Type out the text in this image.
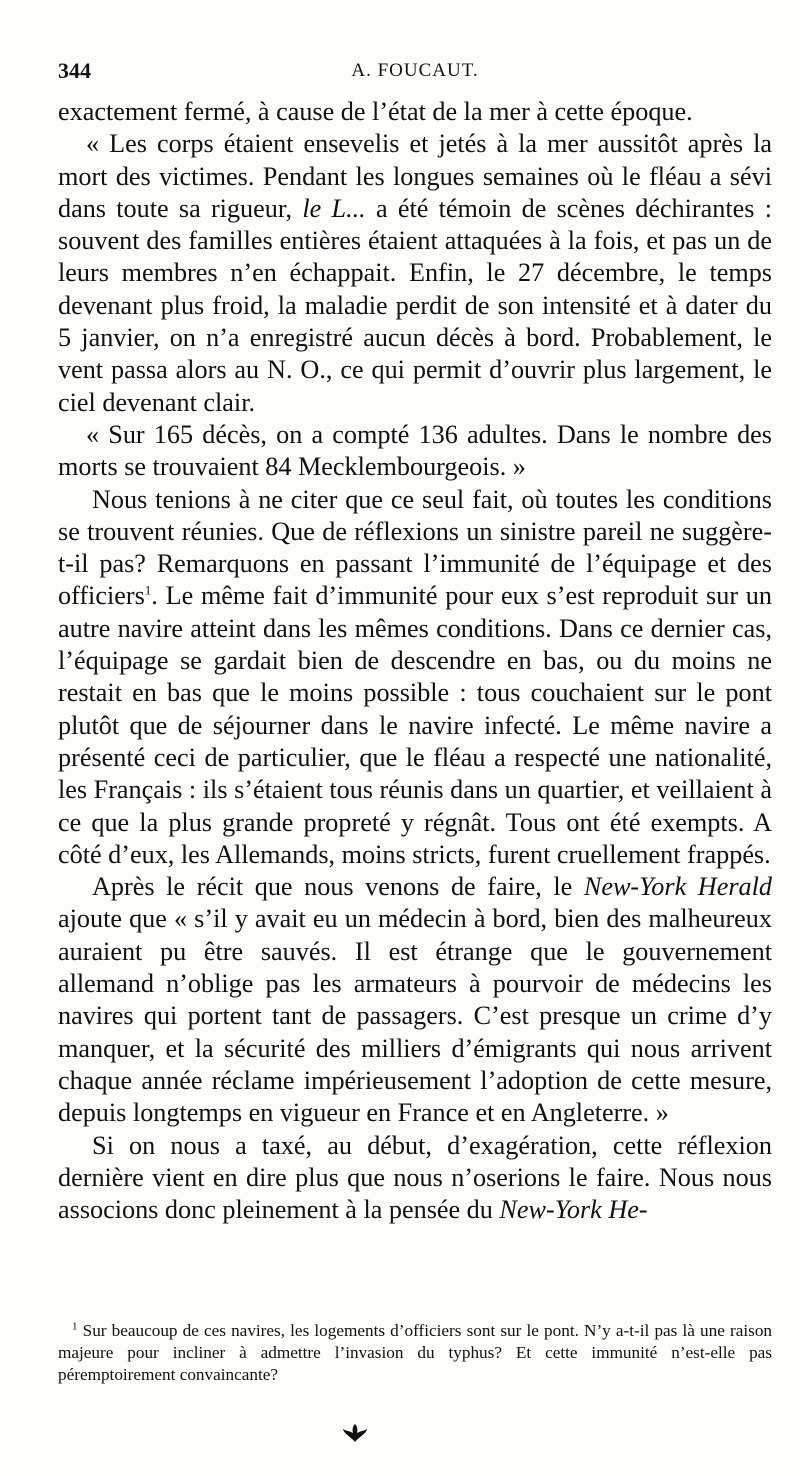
344	A. FOUCAUT.

exactement fermé, à cause de l’état de la mer à cette époque.

« Les corps étaient ensevelis et jetés à la mer aussitôt après la mort des victimes. Pendant les longues semaines où le fléau a sévi dans toute sa rigueur, le L... a été témoin de scènes déchirantes : souvent des familles entières étaient attaquées à la fois, et pas un de leurs membres n’en échappait. Enfin, le 27 décembre, le temps devenant plus froid, la maladie perdit de son intensité et à dater du 5 janvier, on n’a enregistré aucun décès à bord. Probablement, le vent passa alors au N. O., ce qui permit d’ouvrir plus largement, le ciel devenant clair.

« Sur 165 décès, on a compté 136 adultes. Dans le nombre des morts se trouvaient 84 Mecklembourgeois. »

Nous tenions à ne citer que ce seul fait, où toutes les conditions se trouvent réunies. Que de réflexions un sinistre pareil ne suggère-t-il pas? Remarquons en passant l’immunité de l’équipage et des officiers$^1$. Le même fait d’immunité pour eux s’est reproduit sur un autre navire atteint dans les mêmes conditions. Dans ce dernier cas, l’équipage se gardait bien de descendre en bas, ou du moins ne restait en bas que le moins possible : tous couchaient sur le pont plutôt que de séjourner dans le navire infecté. Le même navire a présenté ceci de particulier, que le fléau a respecté une nationalité, les Français : ils s’étaient tous réunis dans un quartier, et veillaient à ce que la plus grande propreté y régnât. Tous ont été exempts. A côté d’eux, les Allemands, moins stricts, furent cruellement frappés.

Après le récit que nous venons de faire, le New-York Herald ajoute que « s’il y avait eu un médecin à bord, bien des malheureux auraient pu être sauvés. Il est étrange que le gouvernement allemand n’oblige pas les armateurs à pourvoir de médecins les navires qui portent tant de passagers. C’est presque un crime d’y manquer, et la sécurité des milliers d’émigrants qui nous arrivent chaque année réclame impérieusement l’adoption de cette mesure, depuis longtemps en vigueur en France et en Angleterre. »

Si on nous a taxé, au début, d’exagération, cette réflexion dernière vient en dire plus que nous n’oserions le faire. Nous nous associons donc pleinement à la pensée du New-York He-

$^1$ Sur beaucoup de ces navires, les logements d’officiers sont sur le pont. N’y a-t-il pas là une raison majeure pour incliner à admettre l’invasion du typhus? Et cette immunité n’est-elle pas péremptoirement convaincante?
